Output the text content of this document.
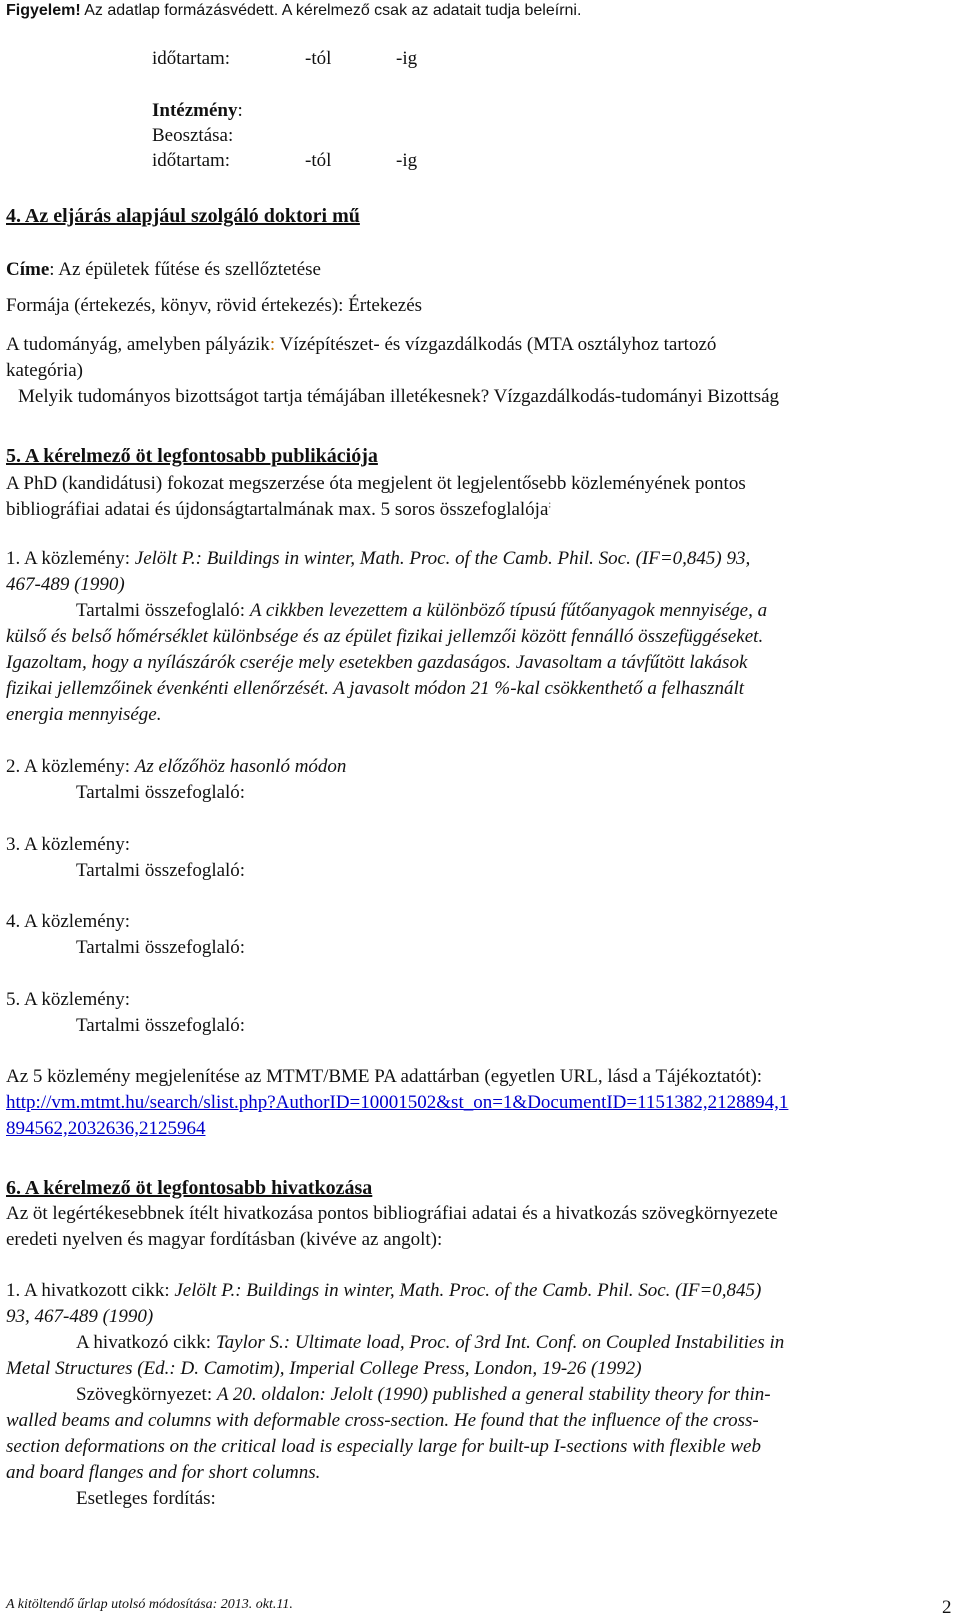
Figyelem! Az adatlap formázásvédett. A kérelmező csak az adatait tudja beleírni.
időtartam:	-tól	-ig
Intézmény:
Beosztása:
időtartam:	-tól	-ig
4. Az eljárás alapjául szolgáló doktori mű
Címe: Az épületek fűtése és szellőztetése
Formája (értekezés, könyv, rövid értekezés): Értekezés
A tudományág, amelyben pályázik: Vízépítészet- és vízgazdálkodás (MTA osztályhoz tartozó
kategória)
Melyik tudományos bizottságot tartja témájában illetékesnek? Vízgazdálkodás-tudományi Bizottság
5. A kérelmező öt legfontosabb publikációja
A PhD (kandidátusi) fokozat megszerzése óta megjelent öt legjelentősebb közleményének pontos
bibliográfiai adatai és újdonságtartalmának max. 5 soros összefoglalója:
1. A közlemény: Jelölt P.: Buildings in winter, Math. Proc. of the Camb. Phil. Soc. (IF=0,845) 93,
467-489 (1990)
Tartalmi összefoglaló: A cikkben levezettem a különböző típusú fűtőanyagok mennyisége, a
külső és belső hőmérséklet különbsége és az épület fizikai jellemzői között fennálló összefüggéseket.
Igazoltam, hogy a nyílászárók cseréje mely esetekben gazdaságos. Javasoltam a távfűtött lakások
fizikai jellemzőinek évenkénti ellenőrzését. A javasolt módon 21 %-kal csökkenthető a felhasznált
energia mennyisége.
2. A közlemény: Az előzőhöz hasonló módon
Tartalmi összefoglaló:
3. A közlemény:
Tartalmi összefoglaló:
4. A közlemény:
Tartalmi összefoglaló:
5. A közlemény:
Tartalmi összefoglaló:
Az 5 közlemény megjelenítése az MTMT/BME PA adattárban (egyetlen URL, lásd a Tájékoztatót):
http://vm.mtmt.hu/search/slist.php?AuthorID=10001502&st_on=1&DocumentID=1151382,2128894,1
894562,2032636,2125964
6. A kérelmező öt legfontosabb hivatkozása
Az öt legértékesebbnek ítélt hivatkozása pontos bibliográfiai adatai és a hivatkozás szövegkörnyezete
eredeti nyelven és magyar fordításban (kivéve az angolt):
1. A hivatkozott cikk: Jelölt P.: Buildings in winter, Math. Proc. of the Camb. Phil. Soc. (IF=0,845)
93, 467-489 (1990)
A hivatkozó cikk: Taylor S.: Ultimate load, Proc. of 3rd Int. Conf. on Coupled Instabilities in
Metal Structures (Ed.: D. Camotim), Imperial College Press, London, 19-26 (1992)
Szövegkörnyezet: A 20. oldalon: Jelolt (1990) published a general stability theory for thin-
walled beams and columns with deformable cross-section. He found that the influence of the cross-
section deformations on the critical load is especially large for built-up I-sections with flexible web
and board flanges and for short columns.
Esetleges fordítás:
A kitöltendő űrlap utolsó módosítása: 2013. okt.11.	2
